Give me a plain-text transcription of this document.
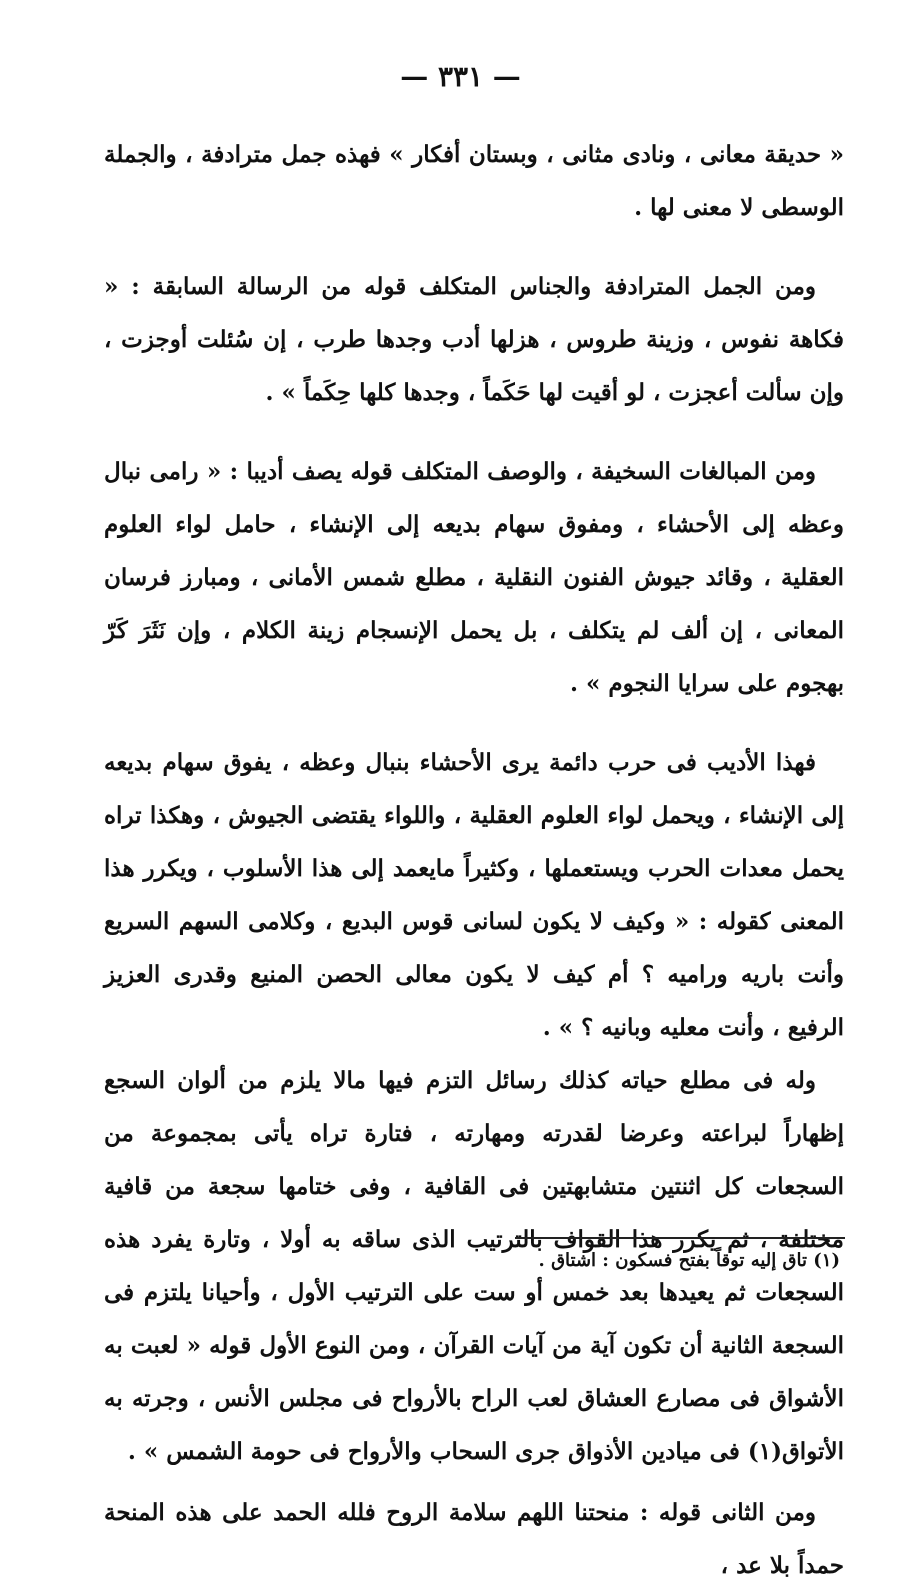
— ٣٣١ —

« حديقة معانى ، ونادى مثانى ، وبستان أفكار » فهذه جمل مترادفة ، والجملة الوسطى لا معنى لها .

ومن الجمل المترادفة والجناس المتكلف قوله من الرسالة السابقة : « فكاهة نفوس ، وزينة طروس ، هزلها أدب وجدها طرب ، إن سُئلت أوجزت ، وإن سألت أعجزت ، لو أقيت لها حَكَماً ، وجدها كلها حِكَماً » .

ومن المبالغات السخيفة ، والوصف المتكلف قوله يصف أديبا : « رامى نبال وعظه إلى الأحشاء ، ومفوق سهام بديعه إلى الإنشاء ، حامل لواء العلوم العقلية ، وقائد جيوش الفنون النقلية ، مطلع شمس الأمانى ، ومبارز فرسان المعانى ، إن ألف لم يتكلف ، بل يحمل الإنسجام زينة الكلام ، وإن نَثَرَ كَرّ بهجوم على سرايا النجوم » .

فهذا الأديب فى حرب دائمة يرى الأحشاء بنبال وعظه ، يفوق سهام بديعه إلى الإنشاء ، ويحمل لواء العلوم العقلية ، واللواء يقتضى الجيوش ، وهكذا تراه يحمل معدات الحرب ويستعملها ، وكثيراً مايعمد إلى هذا الأسلوب ، ويكرر هذا المعنى كقوله : « وكيف لا يكون لسانى قوس البديع ، وكلامى السهم السريع وأنت باريه وراميه ؟ أم كيف لا يكون معالى الحصن المنيع وقدرى العزيز الرفيع ، وأنت معليه وبانيه ؟ » .

وله فى مطلع حياته كذلك رسائل التزم فيها مالا يلزم من ألوان السجع إظهاراً لبراعته وعرضا لقدرته ومهارته ، فتارة تراه يأتى بمجموعة من السجعات كل اثنتين متشابهتين فى القافية ، وفى ختامها سجعة من قافية مختلفة ، ثم يكرر هذا القواف بالترتيب الذى ساقه به أولا ، وتارة يفرد هذه السجعات ثم يعيدها بعد خمس أو ست على الترتيب الأول ، وأحيانا يلتزم فى السجعة الثانية أن تكون آية من آيات القرآن ، ومن النوع الأول قوله « لعبت به الأشواق فى مصارع العشاق لعب الراح بالأرواح فى مجلس الأنس ، وجرته به الأتواق(١) فى ميادين الأذواق جرى السحاب والأرواح فى حومة الشمس » .

ومن الثانى قوله : منحتنا اللهم سلامة الروح فلله الحمد على هذه المنحة حمداً بلا عد ،

(١) تاق إليه توقاً بفتح فسكون : اشتاق .
